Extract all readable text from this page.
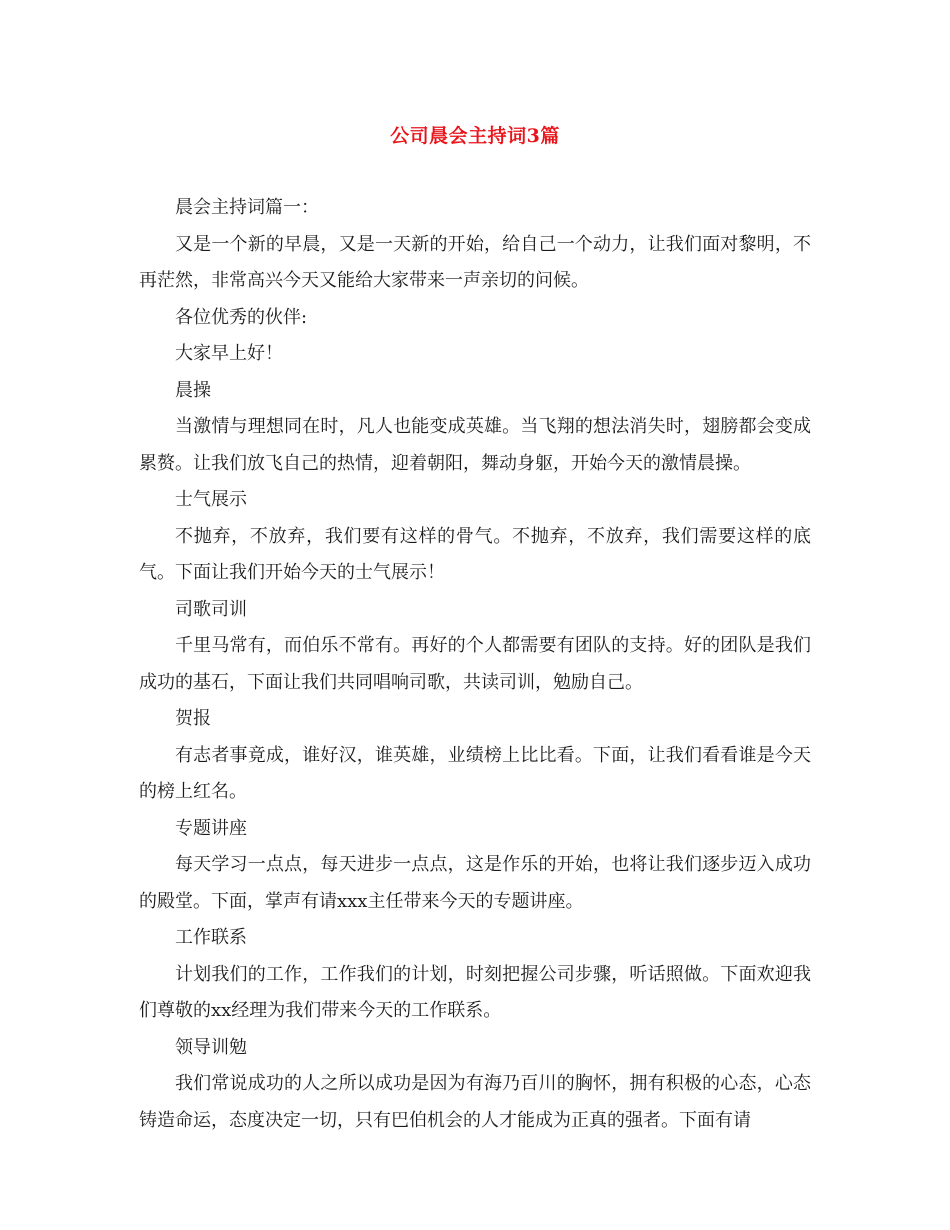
公司晨会主持词3篇

晨会主持词篇一：

又是一个新的早晨，又是一天新的开始，给自己一个动力，让我们面对黎明，不再茫然，非常高兴今天又能给大家带来一声亲切的问候。

各位优秀的伙伴:

大家早上好！

晨操

当激情与理想同在时，凡人也能变成英雄。当飞翔的想法消失时，翅膀都会变成累赘。让我们放飞自己的热情，迎着朝阳，舞动身躯，开始今天的激情晨操。

士气展示

不抛弃，不放弃，我们要有这样的骨气。不抛弃，不放弃，我们需要这样的底气。下面让我们开始今天的士气展示！

司歌司训

千里马常有，而伯乐不常有。再好的个人都需要有团队的支持。好的团队是我们成功的基石，下面让我们共同唱响司歌，共读司训，勉励自己。

贺报

有志者事竟成，谁好汉，谁英雄，业绩榜上比比看。下面，让我们看看谁是今天的榜上红名。

专题讲座

每天学习一点点，每天进步一点点，这是作乐的开始，也将让我们逐步迈入成功的殿堂。下面，掌声有请xxx主任带来今天的专题讲座。

工作联系

计划我们的工作，工作我们的计划，时刻把握公司步骤，听话照做。下面欢迎我们尊敬的xx经理为我们带来今天的工作联系。

领导训勉

我们常说成功的人之所以成功是因为有海乃百川的胸怀，拥有积极的心态，心态铸造命运，态度决定一切，只有巴伯机会的人才能成为正真的强者。下面有请
